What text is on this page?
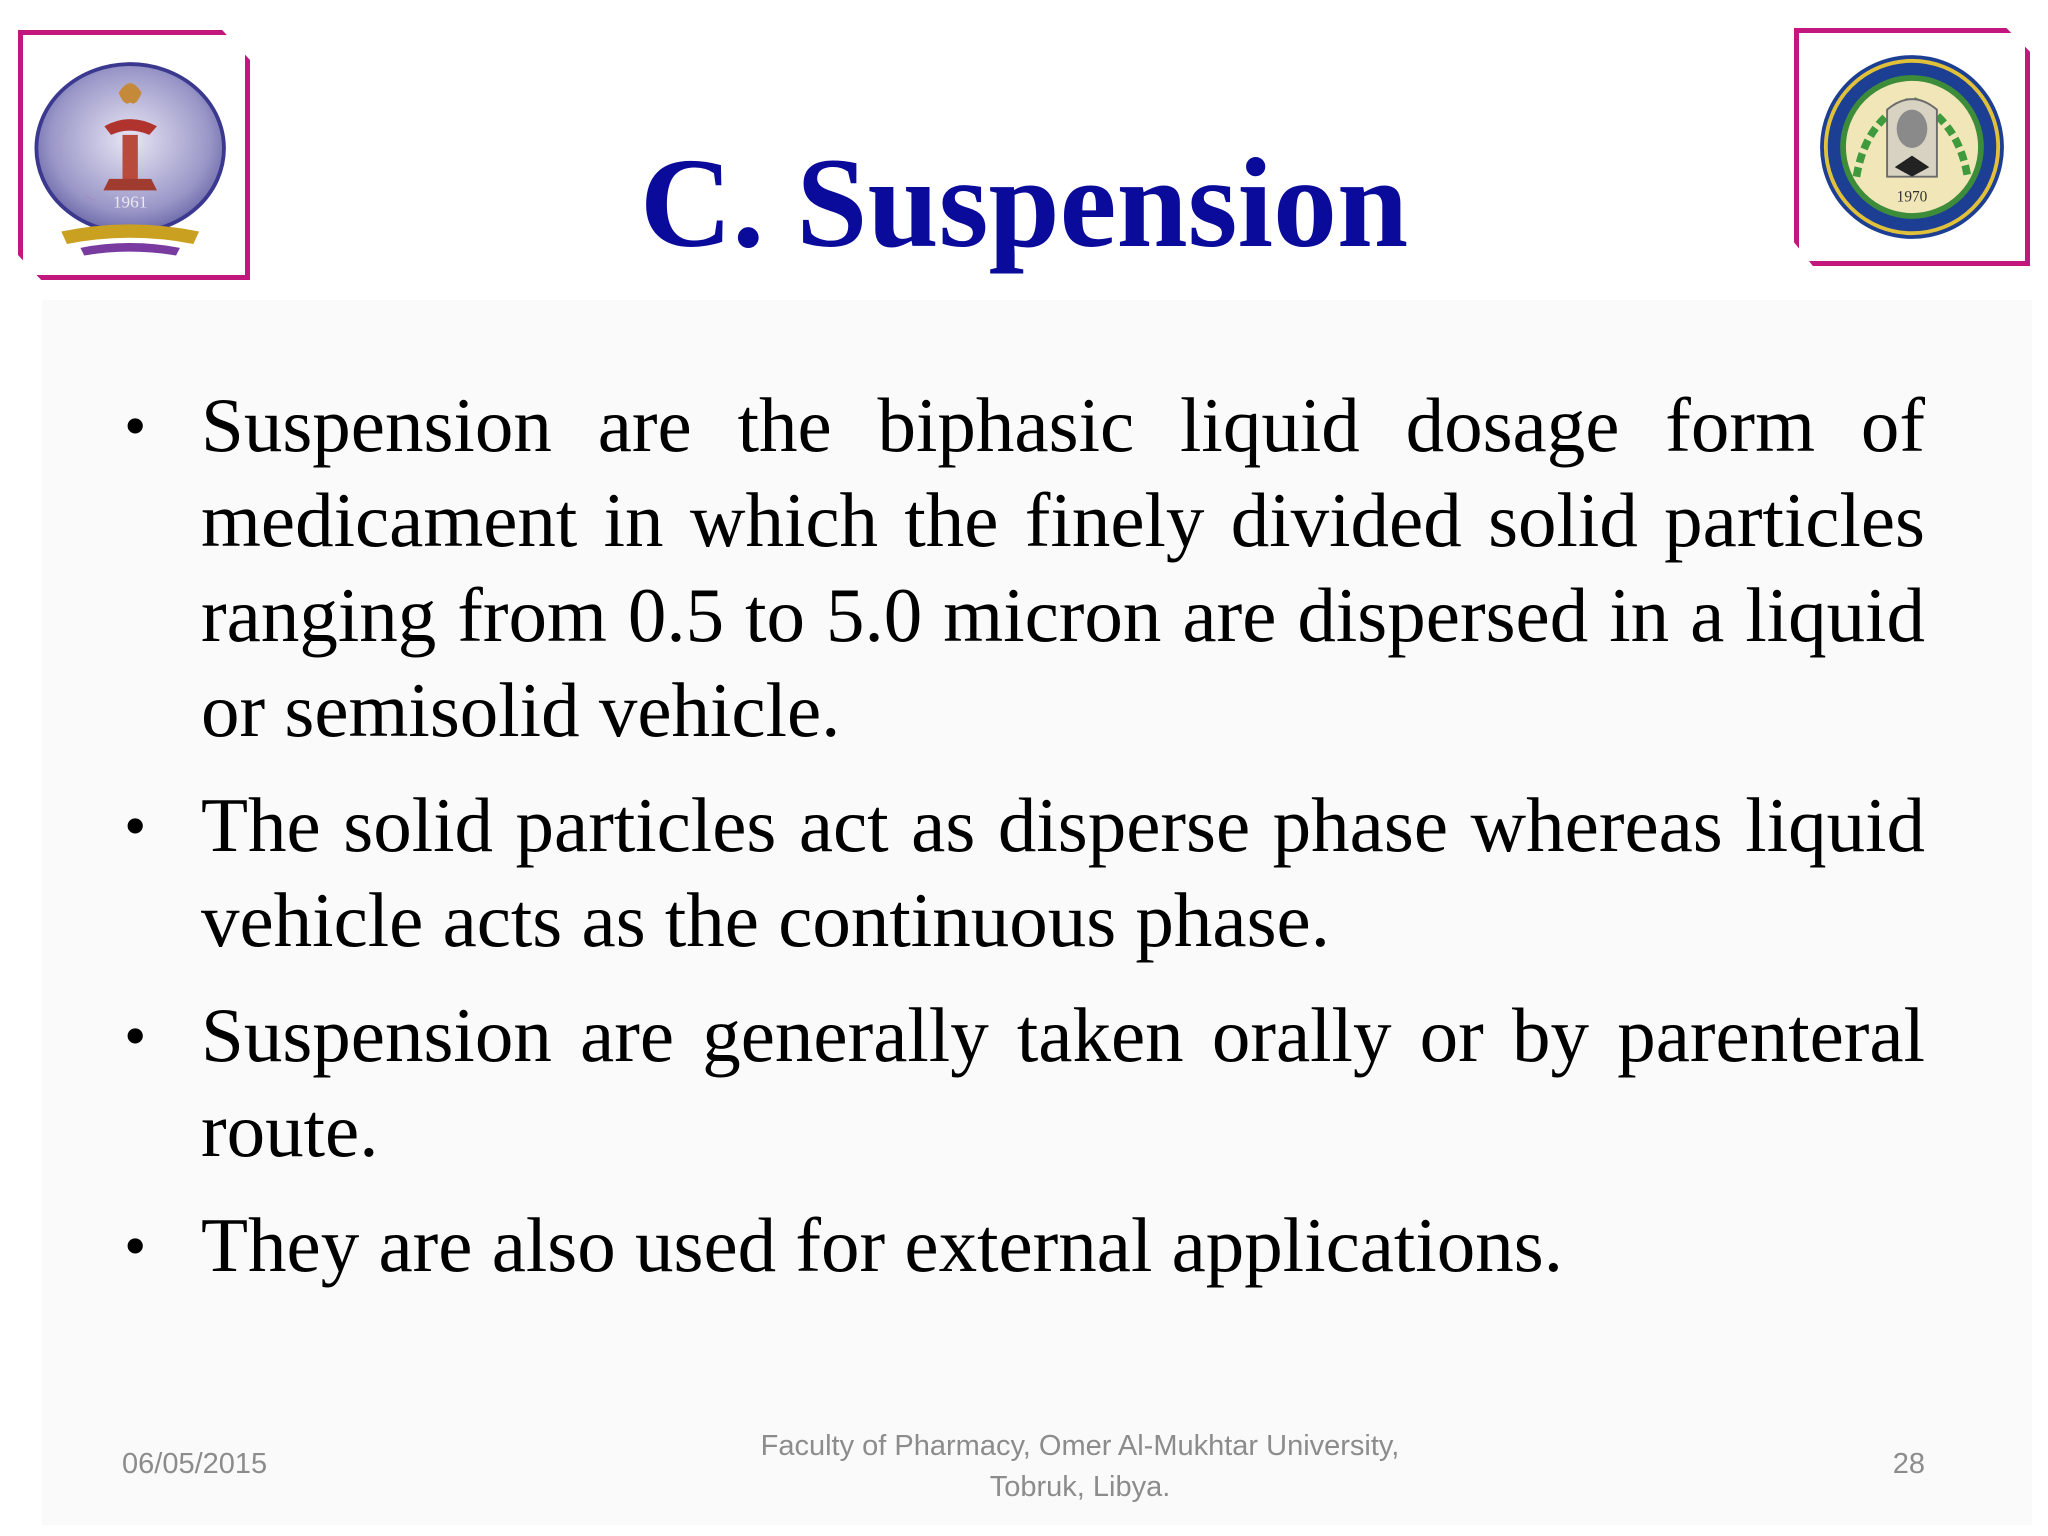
1961	1970
C. Suspension
• Suspension are the biphasic liquid dosage form of medicament in which the finely divided solid particles ranging from 0.5 to 5.0 micron are dispersed in a liquid or semisolid vehicle.
• The solid particles act as disperse phase whereas liquid vehicle acts as the continuous phase.
• Suspension are generally taken orally or by parenteral route.
• They are also used for external applications.
06/05/2015
Faculty of Pharmacy, Omer Al-Mukhtar University,
Tobruk, Libya.
28
